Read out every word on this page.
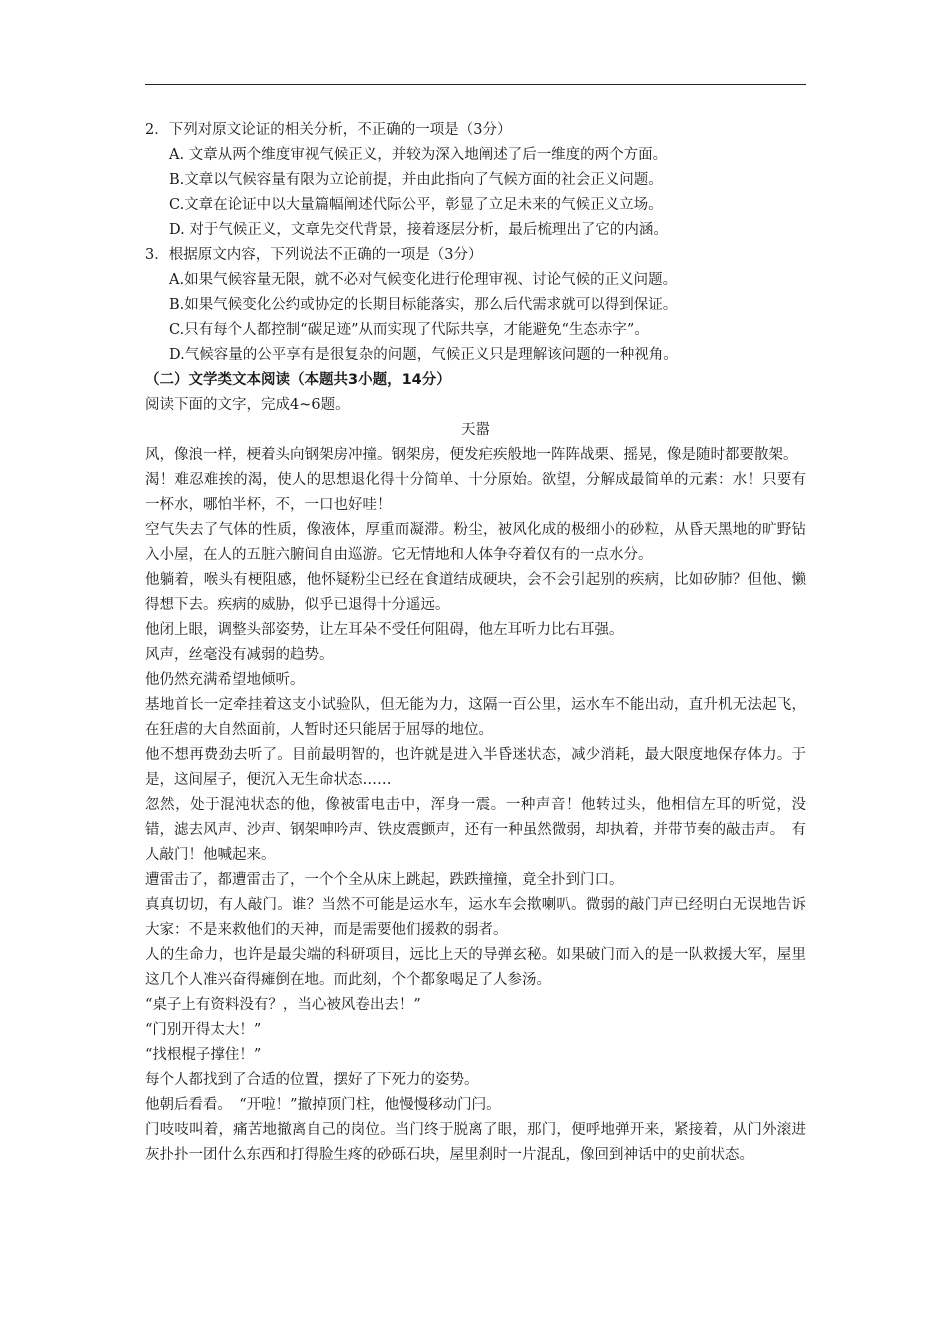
2．下列对原文论证的相关分析，不正确的一项是（3分）

A. 文章从两个维度审视气候正义，并较为深入地阐述了后一维度的两个方面。

B.文章以气候容量有限为立论前提，并由此指向了气候方面的社会正义问题。

C.文章在论证中以大量篇幅阐述代际公平，彰显了立足未来的气候正义立场。

D. 对于气候正义，文章先交代背景，接着逐层分析，最后梳理出了它的内涵。

3．根据原文内容，下列说法不正确的一项是（3分）

A.如果气候容量无限，就不必对气候变化进行伦理审视、讨论气候的正义问题。

B.如果气候变化公约或协定的长期目标能落实，那么后代需求就可以得到保证。

C.只有每个人都控制“碳足迹”从而实现了代际共享，才能避免“生态赤字”。

D.气候容量的公平享有是很复杂的问题，气候正义只是理解该问题的一种视角。

（二）文学类文本阅读（本题共3小题，14分）

阅读下面的文字，完成4~6题。

天嚣

风，像浪一样，梗着头向钢架房冲撞。钢架房，便发疟疾般地一阵阵战栗、摇晃，像是随时都要散架。

渴！难忍难挨的渴，使人的思想退化得十分简单、十分原始。欲望，分解成最简单的元素：水！只要有一杯水，哪怕半杯，不，一口也好哇！

空气失去了气体的性质，像液体，厚重而凝滞。粉尘，被风化成的极细小的砂粒，从昏天黑地的旷野钻入小屋，在人的五脏六腑间自由巡游。它无情地和人体争夺着仅有的一点水分。

他躺着，喉头有梗阻感，他怀疑粉尘已经在食道结成硬块，会不会引起别的疾病，比如矽肺？但他、懒得想下去。疾病的威胁，似乎已退得十分遥远。

他闭上眼，调整头部姿势，让左耳朵不受任何阻碍，他左耳听力比右耳强。

风声，丝毫没有减弱的趋势。

他仍然充满希望地倾听。

基地首长一定牵挂着这支小试验队，但无能为力，这隔一百公里，运水车不能出动，直升机无法起飞，在狂虐的大自然面前，人暂时还只能居于屈辱的地位。

他不想再费劲去听了。目前最明智的，也许就是进入半昏迷状态，减少消耗，最大限度地保存体力。于是，这间屋子，便沉入无生命状态……

忽然，处于混沌状态的他，像被雷电击中，浑身一震。一种声音！他转过头，他相信左耳的听觉，没错，滤去风声、沙声、钢架呻吟声、铁皮震颤声，还有一种虽然微弱，却执着，并带节奏的敲击声。　有人敲门！他喊起来。

遭雷击了，都遭雷击了，一个个全从床上跳起，跌跌撞撞，竟全扑到门口。

真真切切，有人敲门。谁？当然不可能是运水车，运水车会揿喇叭。微弱的敲门声已经明白无误地告诉大家：不是来救他们的天神，而是需要他们援救的弱者。

人的生命力，也许是最尖端的科研项目，远比上天的导弹玄秘。如果破门而入的是一队救援大军，屋里这几个人准兴奋得瘫倒在地。而此刻，个个都象喝足了人参汤。

“桌子上有资料没有？，当心被风卷出去！”

“门别开得太大！”

“找根棍子撑住！”

每个人都找到了合适的位置，摆好了下死力的姿势。

他朝后看看。　“开啦！”撤掉顶门柱，他慢慢移动门闩。

门吱吱叫着，痛苦地撤离自己的岗位。当门终于脱离了眼，那门，便呼地弹开来，紧接着，从门外滚进灰扑扑一团什么东西和打得脸生疼的砂砾石块，屋里刹时一片混乱，像回到神话中的史前状态。
